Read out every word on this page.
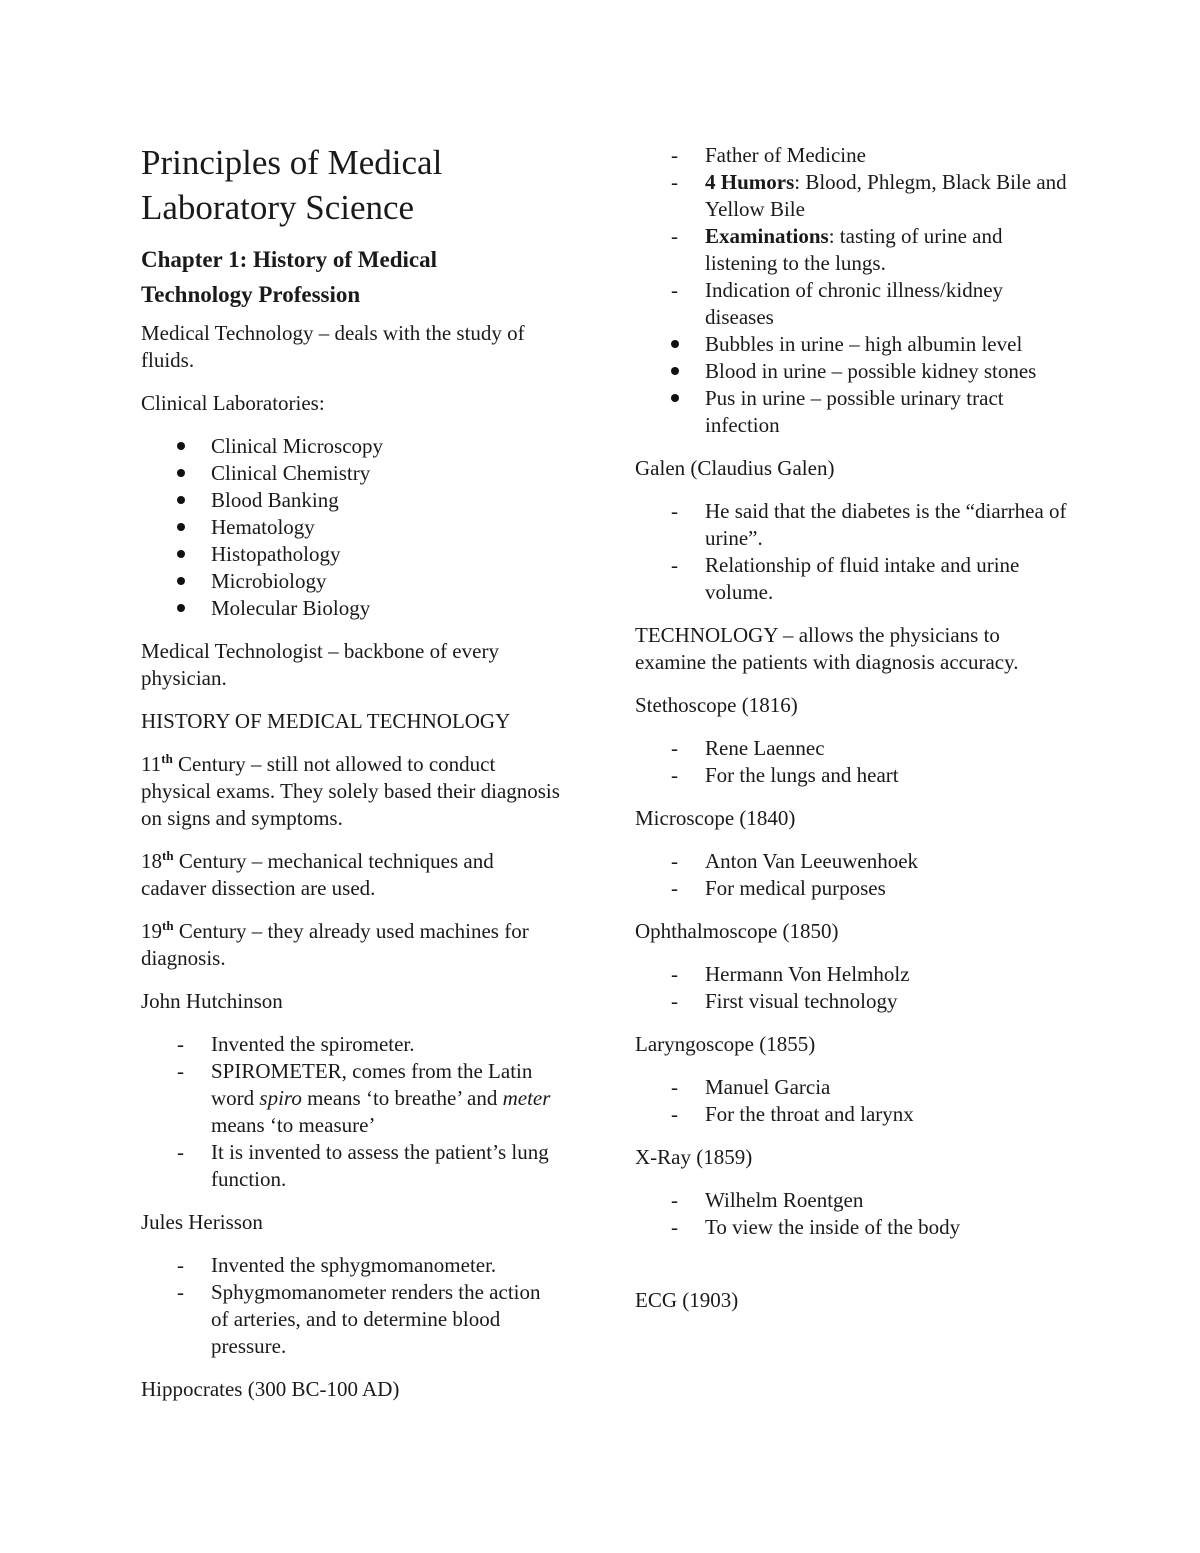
Principles of Medical
Laboratory Science
Chapter 1: History of Medical
Technology Profession

Medical Technology – deals with the study of fluids.

Clinical Laboratories:

Clinical Microscopy
Clinical Chemistry
Blood Banking
Hematology
Histopathology
Microbiology
Molecular Biology

Medical Technologist – backbone of every physician.

HISTORY OF MEDICAL TECHNOLOGY

11th Century – still not allowed to conduct physical exams. They solely based their diagnosis on signs and symptoms.

18th Century – mechanical techniques and cadaver dissection are used.

19th Century – they already used machines for diagnosis.

John Hutchinson

- Invented the spirometer.
- SPIROMETER, comes from the Latin word spiro means ‘to breathe’ and meter means ‘to measure’
- It is invented to assess the patient’s lung function.

Jules Herisson

- Invented the sphygmomanometer.
- Sphygmomanometer renders the action of arteries, and to determine blood pressure.

Hippocrates (300 BC-100 AD)

- Father of Medicine
- 4 Humors: Blood, Phlegm, Black Bile and Yellow Bile
- Examinations: tasting of urine and listening to the lungs.
- Indication of chronic illness/kidney diseases
Bubbles in urine – high albumin level
Blood in urine – possible kidney stones
Pus in urine – possible urinary tract infection

Galen (Claudius Galen)

- He said that the diabetes is the “diarrhea of urine”.
- Relationship of fluid intake and urine volume.

TECHNOLOGY – allows the physicians to examine the patients with diagnosis accuracy.

Stethoscope (1816)

- Rene Laennec
- For the lungs and heart

Microscope (1840)

- Anton Van Leeuwenhoek
- For medical purposes

Ophthalmoscope (1850)

- Hermann Von Helmholz
- First visual technology

Laryngoscope (1855)

- Manuel Garcia
- For the throat and larynx

X-Ray (1859)

- Wilhelm Roentgen
- To view the inside of the body

ECG (1903)
